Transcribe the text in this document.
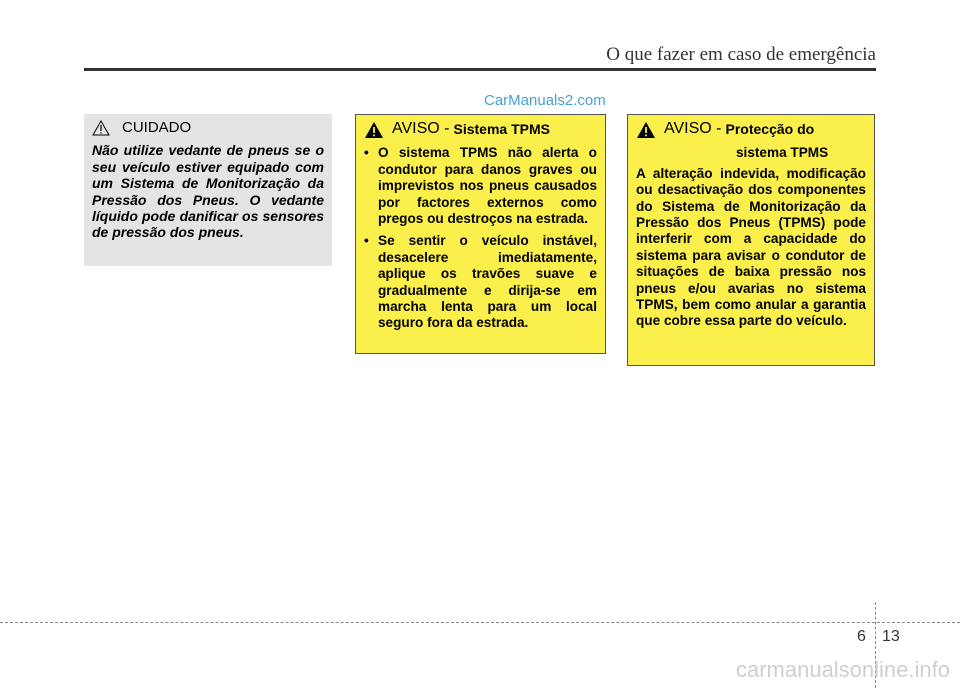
O que fazer em caso de emergência
CarManuals2.com
CUIDADO
Não utilize vedante de pneus se o seu veículo estiver equipado com um Sistema de Monitorização da Pressão dos Pneus. O vedante líquido pode danificar os sensores de pressão dos pneus.
AVISO - Sistema TPMS
• O sistema TPMS não alerta o condutor para danos graves ou imprevistos nos pneus causados por factores externos como pregos ou destroços na estrada.
• Se sentir o veículo instável, desacelere imediatamente, aplique os travões suave e gradualmente e dirija-se em marcha lenta para um local seguro fora da estrada.
AVISO - Protecção do
sistema TPMS
A alteração indevida, modificação ou desactivação dos componentes do Sistema de Monitorização da Pressão dos Pneus (TPMS) pode interferir com a capacidade do sistema para avisar o condutor de situações de baixa pressão nos pneus e/ou avarias no sistema TPMS, bem como anular a garantia que cobre essa parte do veículo.
6 13
carmanualsonline.info
